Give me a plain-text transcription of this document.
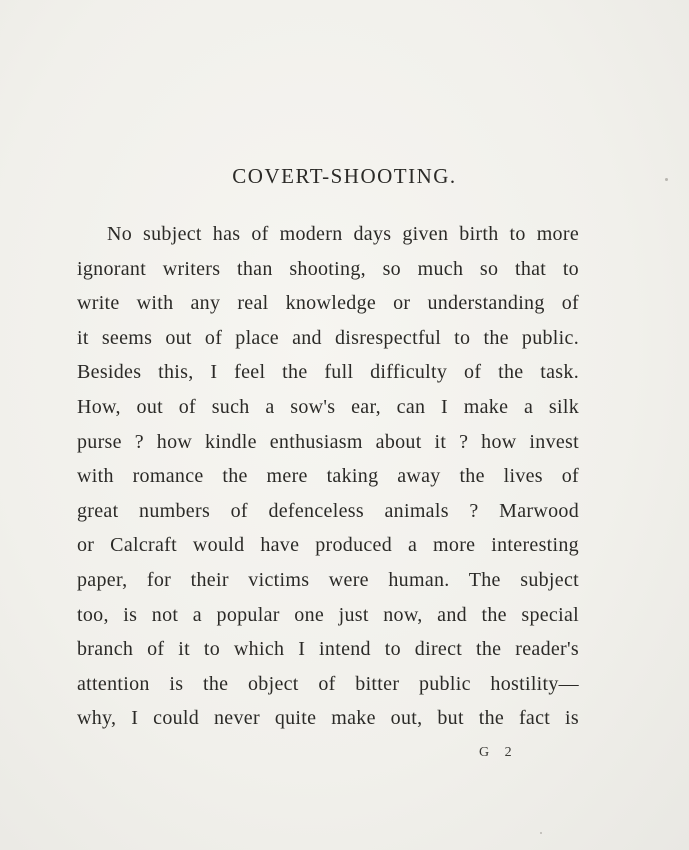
COVERT-SHOOTING.
No subject has of modern days given birth to more
ignorant writers than shooting, so much so that to
write with any real knowledge or understanding of
it seems out of place and disrespectful to the public.
Besides this, I feel the full difficulty of the task.
How, out of such a sow's ear, can I make a silk
purse ? how kindle enthusiasm about it ? how invest
with romance the mere taking away the lives of
great numbers of defenceless animals ? Marwood
or Calcraft would have produced a more interesting
paper, for their victims were human. The subject
too, is not a popular one just now, and the special
branch of it to which I intend to direct the reader's
attention is the object of bitter public hostility—
why, I could never quite make out, but the fact is
G 2
